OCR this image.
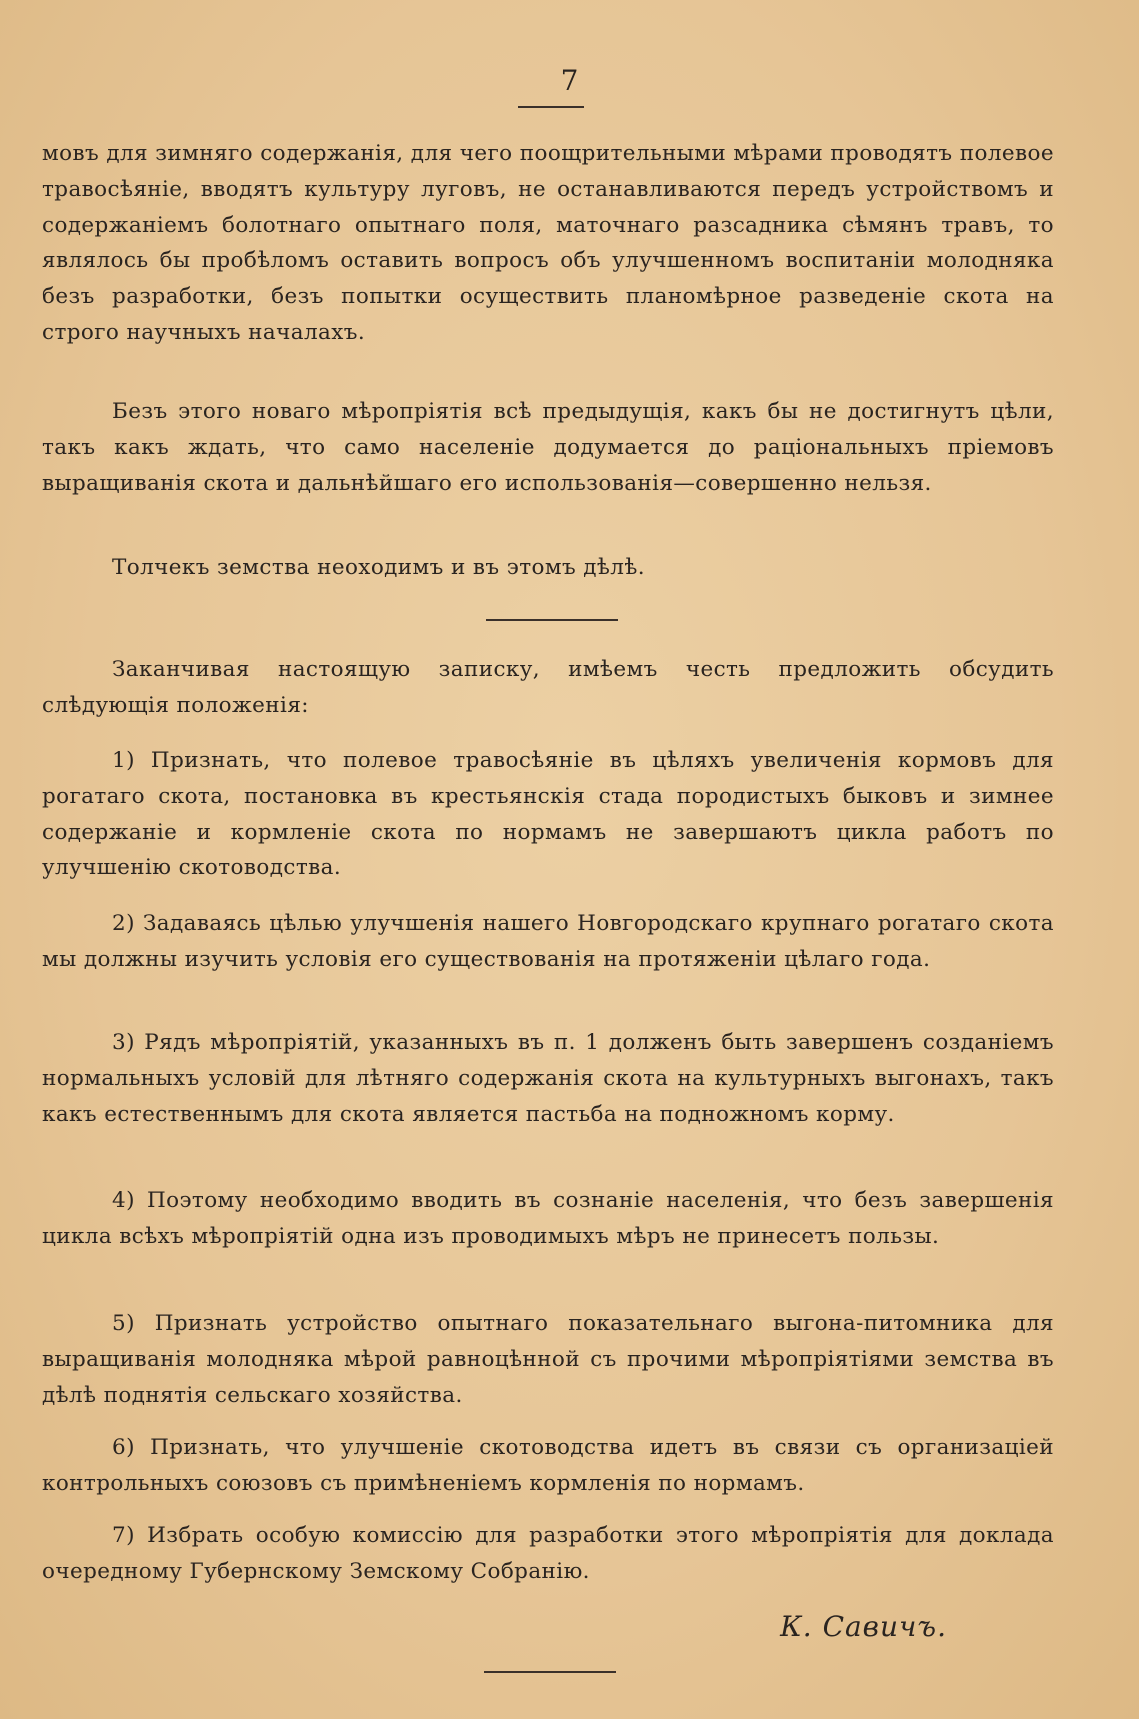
7

мовъ для зимняго содержанія, для чего поощрительными мѣрами проводятъ полевое травосѣяніе, вводятъ культуру луговъ, не останавливаются передъ устройствомъ и содержаніемъ болотнаго опытнаго поля, маточнаго разсадника сѣмянъ травъ, то являлось бы пробѣломъ оставить вопросъ объ улучшенномъ воспитаніи молодняка безъ разработки, безъ попытки осуществить планомѣрное разведеніе скота на строго научныхъ началахъ.

Безъ этого новаго мѣропріятія всѣ предыдущія, какъ бы не достигнутъ цѣли, такъ какъ ждать, что само населеніе додумается до раціональныхъ пріемовъ выращиванія скота и дальнѣйшаго его использованія—совершенно нельзя.

Толчекъ земства неоходимъ и въ этомъ дѣлѣ.

Заканчивая настоящую записку, имѣемъ честь предложить обсудить слѣдующія положенія:

1) Признать, что полевое травосѣяніе въ цѣляхъ увеличенія кормовъ для рогатаго скота, постановка въ крестьянскія стада породистыхъ быковъ и зимнее содержаніе и кормленіе скота по нормамъ не завершаютъ цикла работъ по улучшенію скотоводства.

2) Задаваясь цѣлью улучшенія нашего Новгородскаго крупнаго рогатаго скота мы должны изучить условія его существованія на протяженіи цѣлаго года.

3) Рядъ мѣропріятій, указанныхъ въ п. 1 долженъ быть завершенъ созданіемъ нормальныхъ условій для лѣтняго содержанія скота на культурныхъ выгонахъ, такъ какъ естественнымъ для скота является пастьба на подножномъ корму.

4) Поэтому необходимо вводить въ сознаніе населенія, что безъ завершенія цикла всѣхъ мѣропріятій одна изъ проводимыхъ мѣръ не принесетъ пользы.

5) Признать устройство опытнаго показательнаго выгона-питомника для выращиванія молодняка мѣрой равноцѣнной съ прочими мѣропріятіями земства въ дѣлѣ поднятія сельскаго хозяйства.

6) Признать, что улучшеніе скотоводства идетъ въ связи съ организаціей контрольныхъ союзовъ съ примѣненіемъ кормленія по нормамъ.

7) Избрать особую комиссію для разработки этого мѣропріятія для доклада очередному Губернскому Земскому Собранію.

К. Савичъ.
